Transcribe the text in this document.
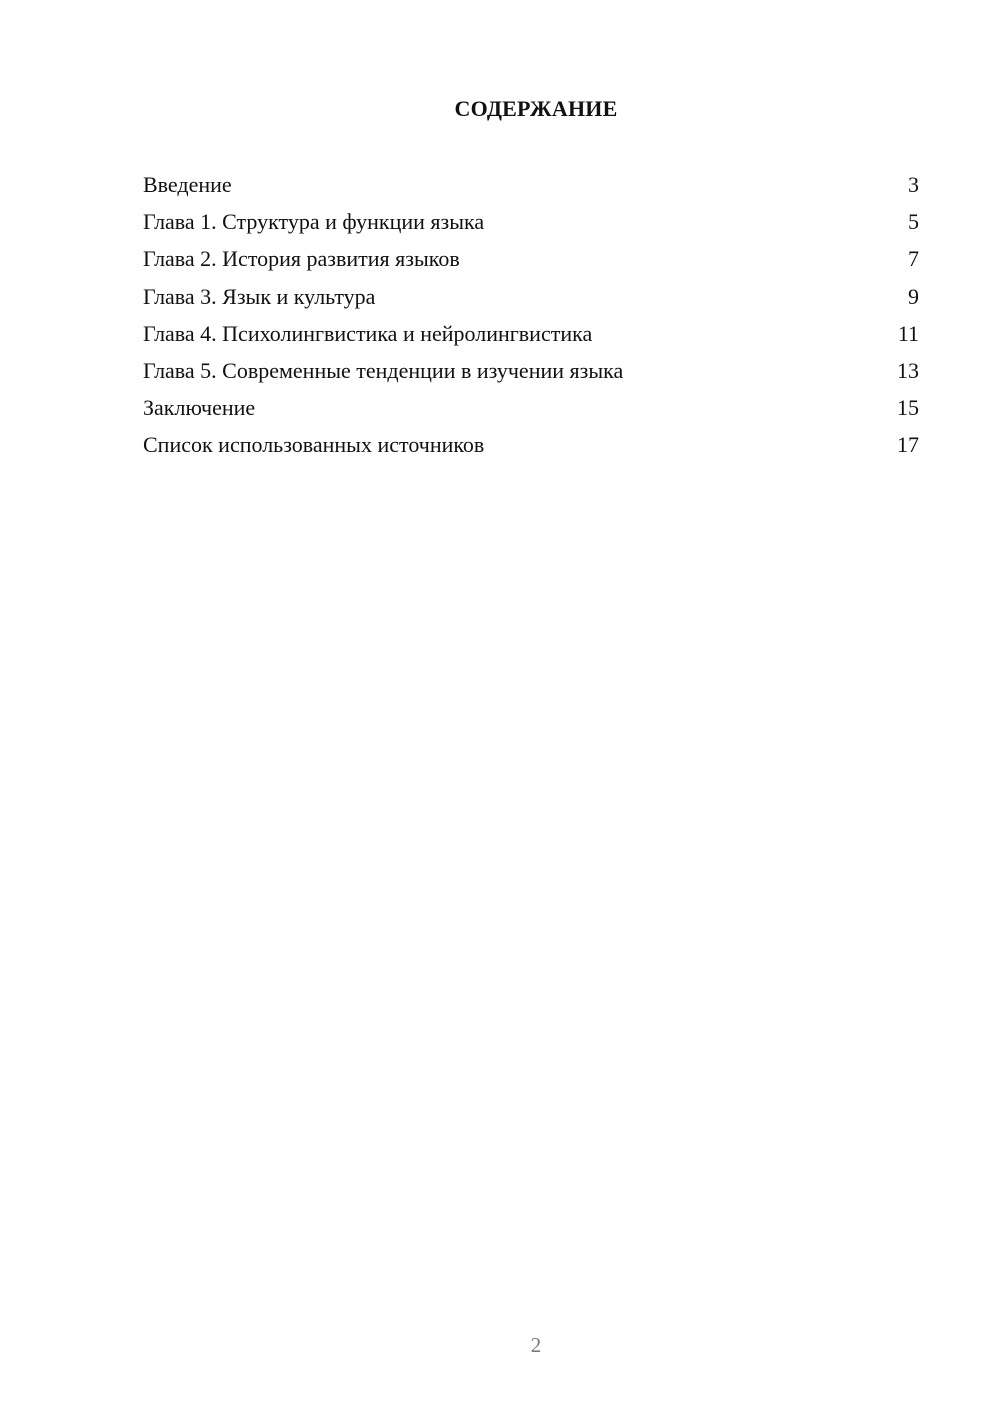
СОДЕРЖАНИЕ
Введение	3
Глава 1. Структура и функции языка	5
Глава 2. История развития языков	7
Глава 3. Язык и культура	9
Глава 4. Психолингвистика и нейролингвистика	11
Глава 5. Современные тенденции в изучении языка	13
Заключение	15
Список использованных источников	17
2
